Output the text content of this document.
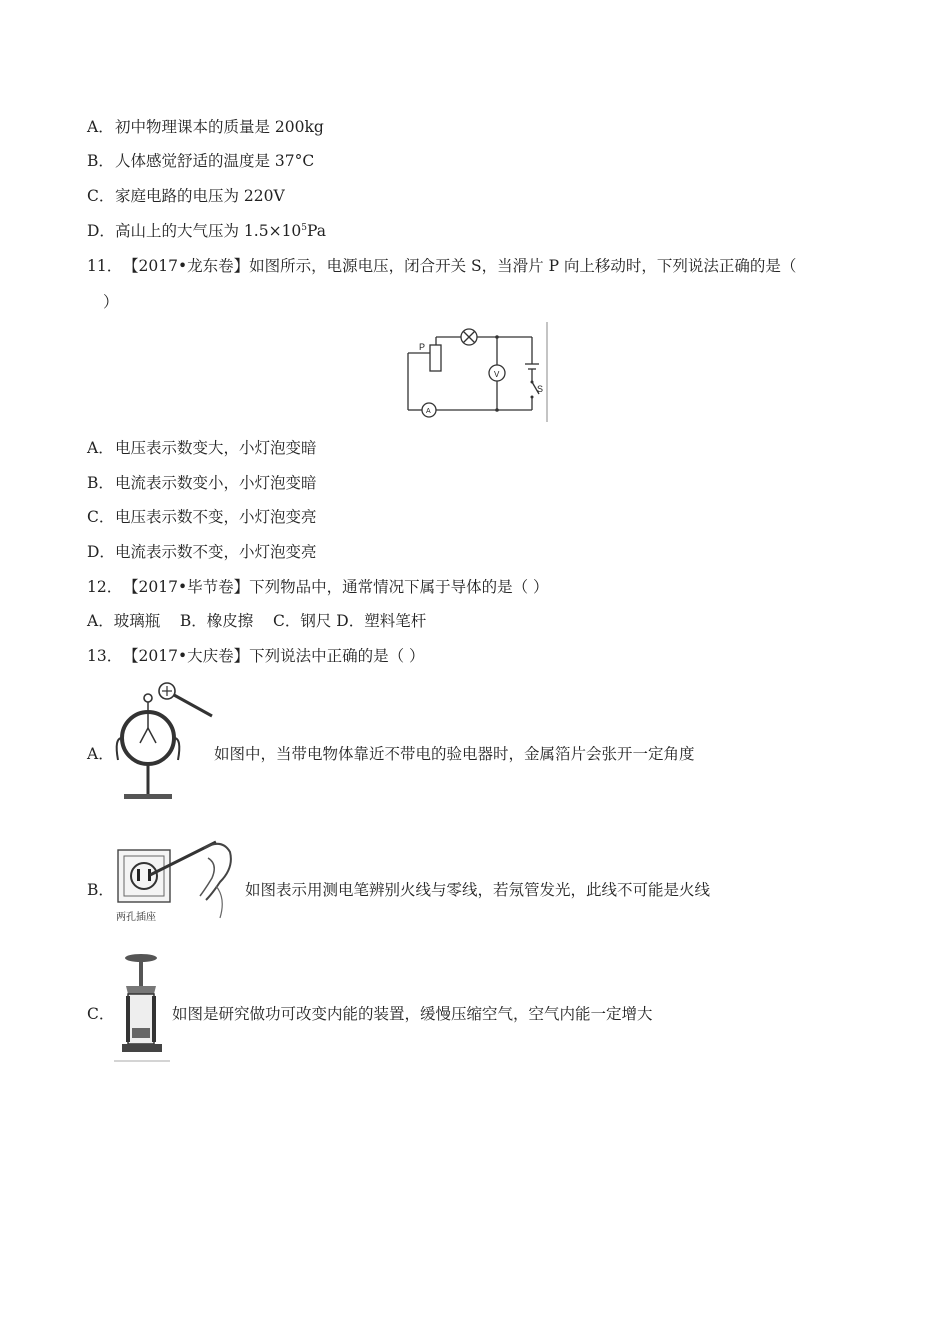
A．初中物理课本的质量是 200kg
B．人体感觉舒适的温度是 37°C
C．家庭电路的电压为 220V
D．高山上的大气压为 $1.5\times 10^5Pa$
11．【2017•龙东卷】如图所示，电源电压，闭合开关 S，当滑片 P 向上移动时，下列说法正确的是（
）
P
V
A
S
A．电压表示数变大，小灯泡变暗
B．电流表示数变小，小灯泡变暗
C．电压表示数不变，小灯泡变亮
D．电流表示数不变，小灯泡变亮
12．【2017•毕节卷】下列物品中，通常情况下属于导体的是（ ）
A．玻璃瓶    B．橡皮擦    C．钢尺 D．塑料笔杆
13．【2017•大庆卷】下列说法中正确的是（ ）
A．	如图中，当带电物体靠近不带电的验电器时，金属箔片会张开一定角度
B．
两孔插座
如图表示用测电笔辨别火线与零线，若氖管发光，此线不可能是火线
C．	如图是研究做功可改变内能的装置，缓慢压缩空气，空气内能一定增大
